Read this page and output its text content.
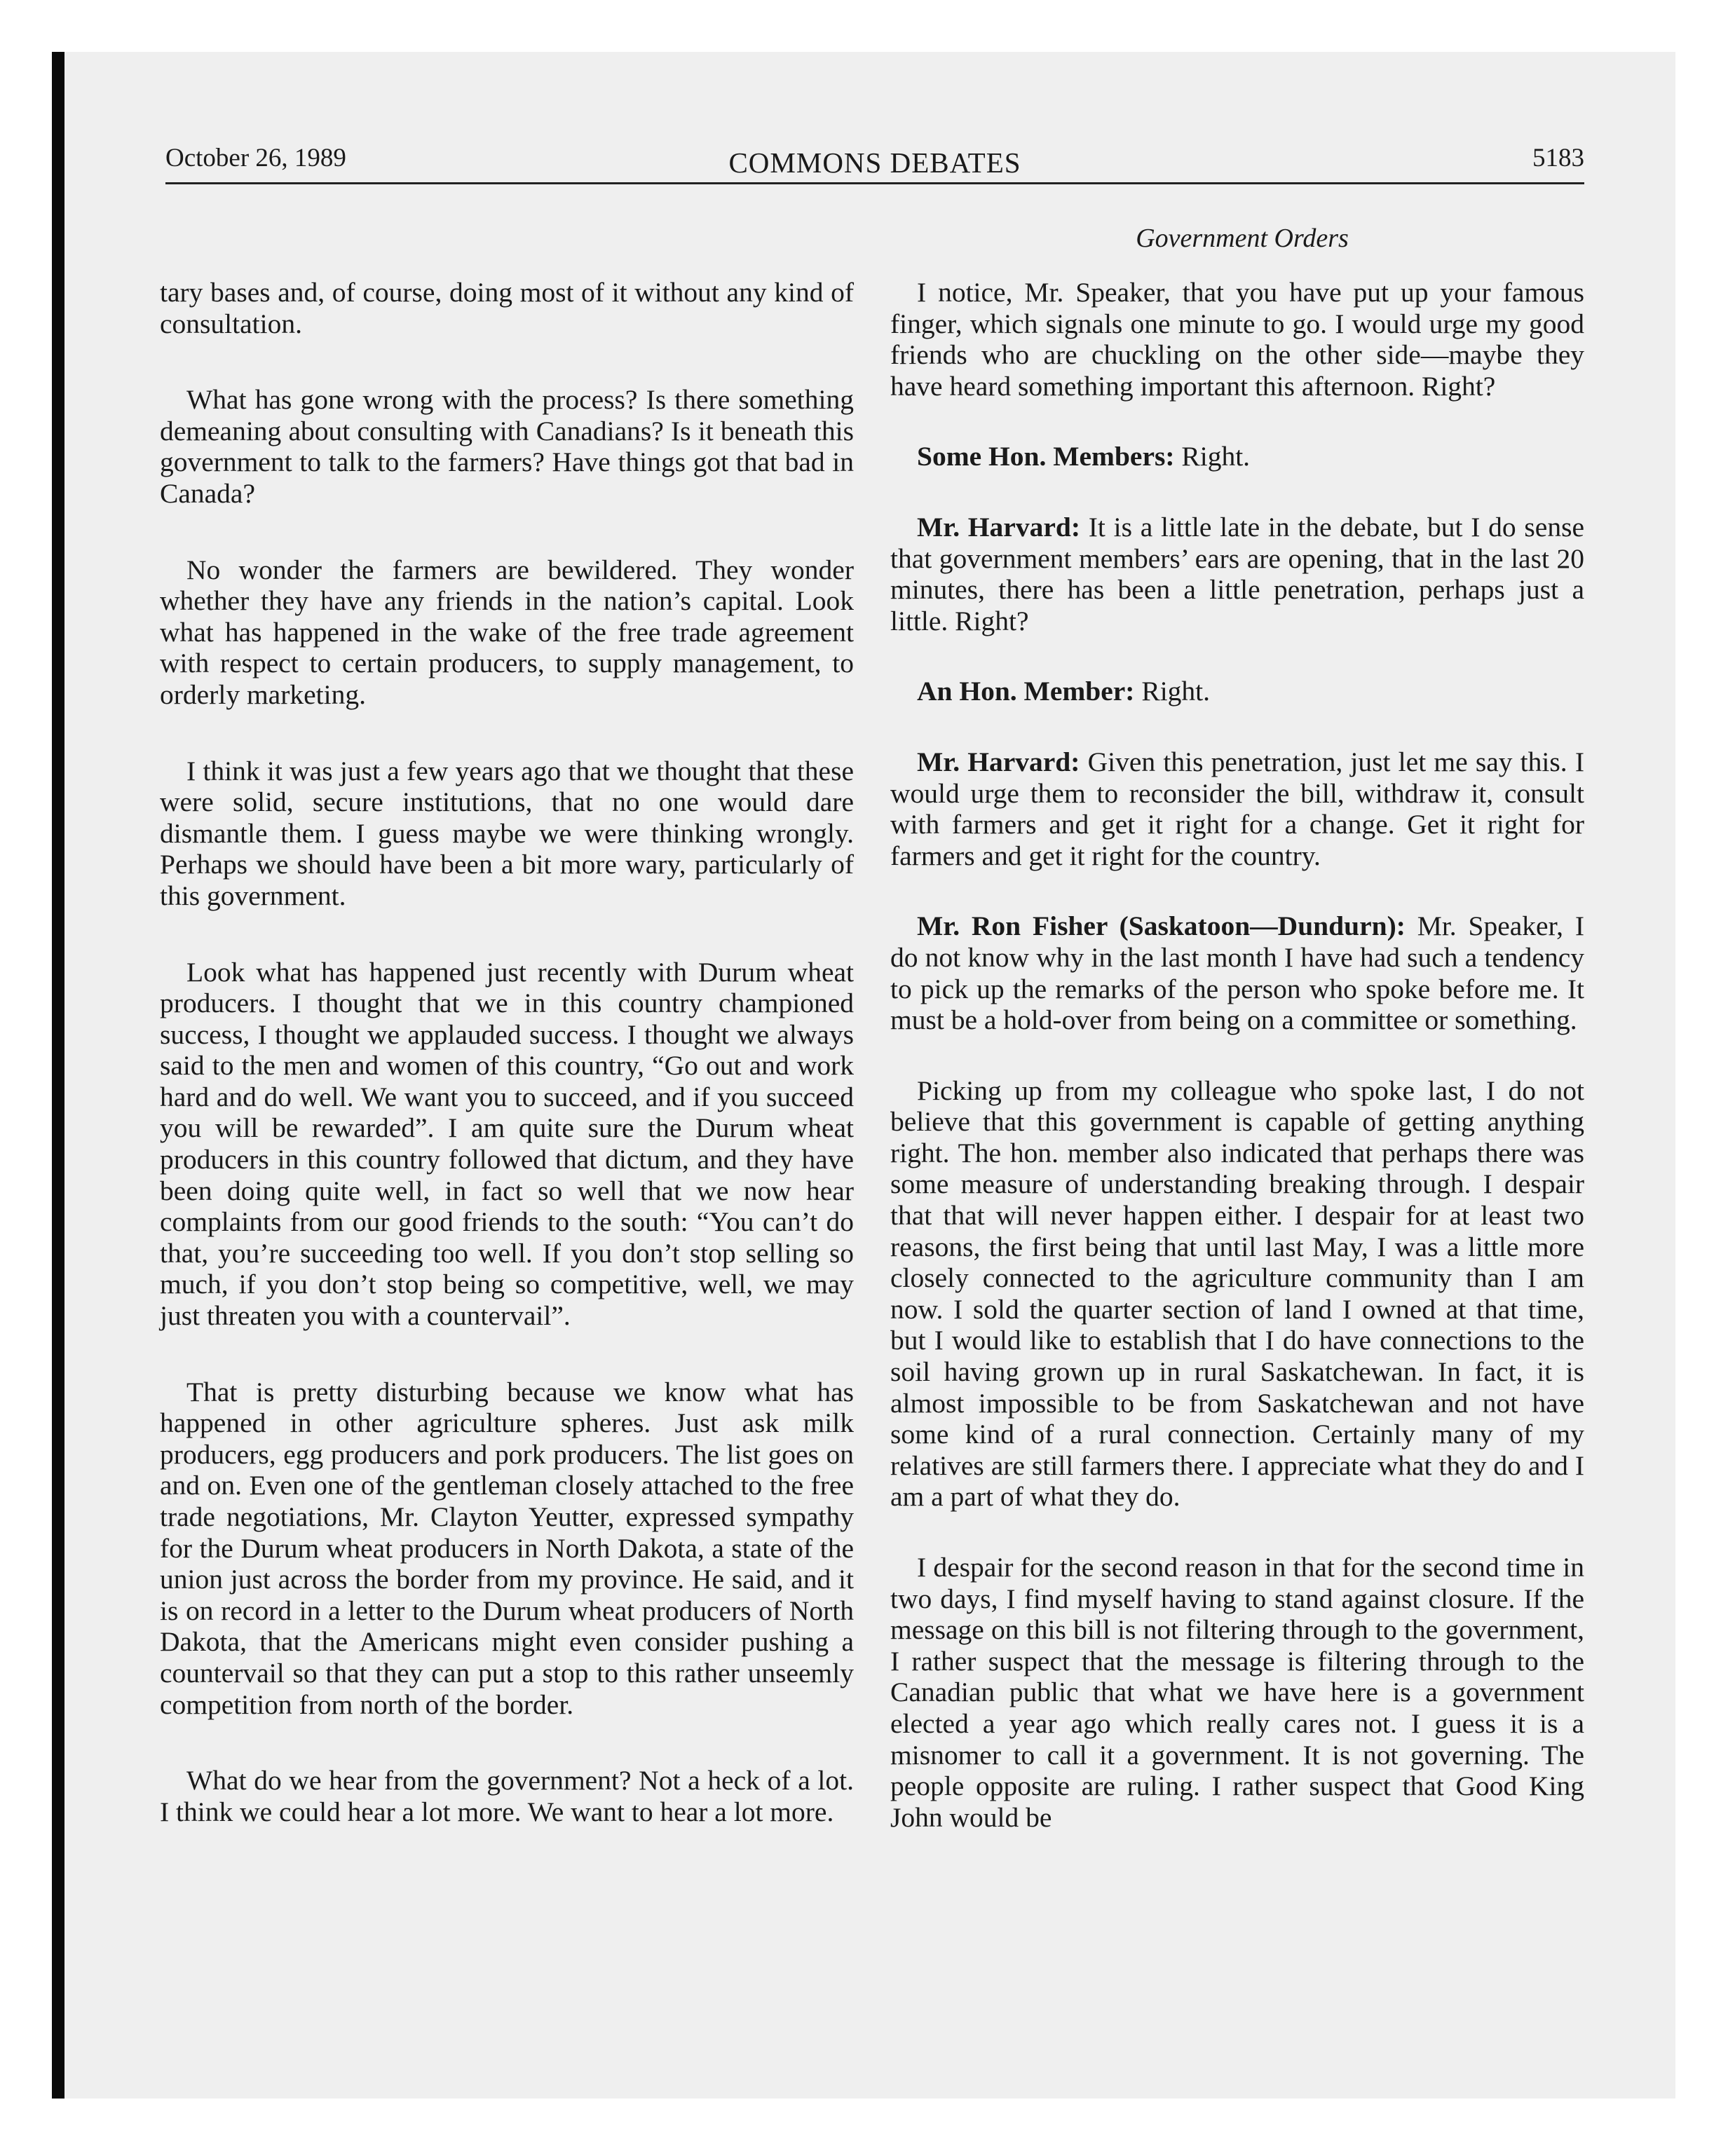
October 26, 1989	COMMONS DEBATES	5183
Government Orders

tary bases and, of course, doing most of it without any kind of consultation.

What has gone wrong with the process? Is there something demeaning about consulting with Canadians? Is it beneath this government to talk to the farmers? Have things got that bad in Canada?

No wonder the farmers are bewildered. They wonder whether they have any friends in the nation’s capital. Look what has happened in the wake of the free trade agreement with respect to certain producers, to supply management, to orderly marketing.

I think it was just a few years ago that we thought that these were solid, secure institutions, that no one would dare dismantle them. I guess maybe we were thinking wrongly. Perhaps we should have been a bit more wary, particularly of this government.

Look what has happened just recently with Durum wheat producers. I thought that we in this country championed success, I thought we applauded success. I thought we always said to the men and women of this country, “Go out and work hard and do well. We want you to succeed, and if you succeed you will be rewarded”. I am quite sure the Durum wheat producers in this country followed that dictum, and they have been doing quite well, in fact so well that we now hear complaints from our good friends to the south: “You can’t do that, you’re succeeding too well. If you don’t stop selling so much, if you don’t stop being so competitive, well, we may just threaten you with a countervail”.

That is pretty disturbing because we know what has happened in other agriculture spheres. Just ask milk producers, egg producers and pork producers. The list goes on and on. Even one of the gentleman closely attached to the free trade negotiations, Mr. Clayton Yeutter, expressed sympathy for the Durum wheat producers in North Dakota, a state of the union just across the border from my province. He said, and it is on record in a letter to the Durum wheat producers of North Dakota, that the Americans might even consider pushing a countervail so that they can put a stop to this rather unseemly competition from north of the border.

What do we hear from the government? Not a heck of a lot. I think we could hear a lot more. We want to hear a lot more.

I notice, Mr. Speaker, that you have put up your famous finger, which signals one minute to go. I would urge my good friends who are chuckling on the other side—maybe they have heard something important this afternoon. Right?

Some Hon. Members: Right.

Mr. Harvard: It is a little late in the debate, but I do sense that government members’ ears are opening, that in the last 20 minutes, there has been a little penetration, perhaps just a little. Right?

An Hon. Member: Right.

Mr. Harvard: Given this penetration, just let me say this. I would urge them to reconsider the bill, withdraw it, consult with farmers and get it right for a change. Get it right for farmers and get it right for the country.

Mr. Ron Fisher (Saskatoon—Dundurn): Mr. Speaker, I do not know why in the last month I have had such a tendency to pick up the remarks of the person who spoke before me. It must be a hold-over from being on a committee or something.

Picking up from my colleague who spoke last, I do not believe that this government is capable of getting anything right. The hon. member also indicated that perhaps there was some measure of understanding breaking through. I despair that that will never happen either. I despair for at least two reasons, the first being that until last May, I was a little more closely connected to the agriculture community than I am now. I sold the quarter section of land I owned at that time, but I would like to establish that I do have connections to the soil having grown up in rural Saskatchewan. In fact, it is almost impossible to be from Saskatchewan and not have some kind of a rural connection. Certainly many of my relatives are still farmers there. I appreciate what they do and I am a part of what they do.

I despair for the second reason in that for the second time in two days, I find myself having to stand against closure. If the message on this bill is not filtering through to the government, I rather suspect that the message is filtering through to the Canadian public that what we have here is a government elected a year ago which really cares not. I guess it is a misnomer to call it a government. It is not governing. The people opposite are ruling. I rather suspect that Good King John would be
